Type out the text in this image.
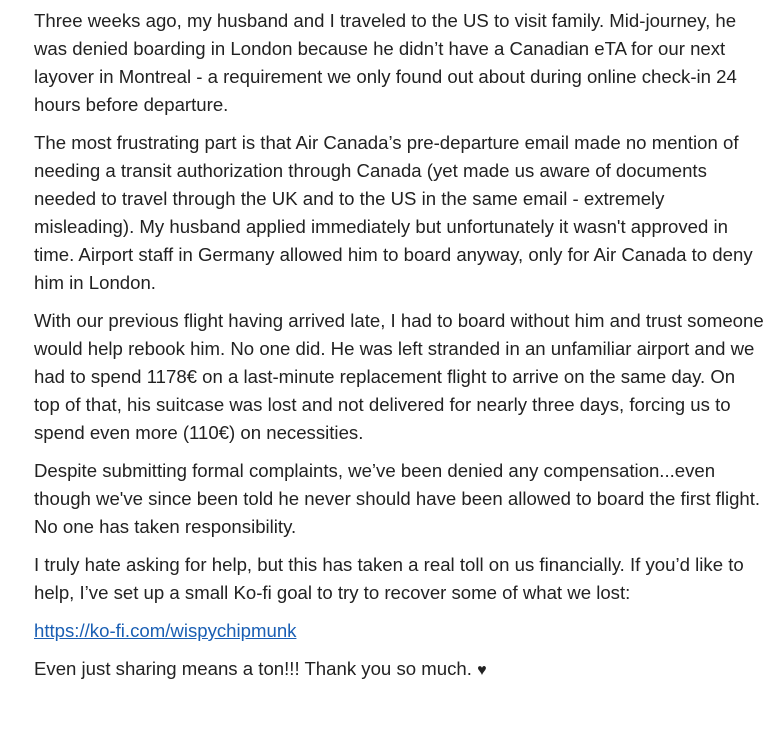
Three weeks ago, my husband and I traveled to the US to visit family. Mid-journey, he was denied boarding in London because he didn’t have a Canadian eTA for our next layover in Montreal - a requirement we only found out about during online check-in 24 hours before departure.

The most frustrating part is that Air Canada’s pre-departure email made no mention of needing a transit authorization through Canada (yet made us aware of documents needed to travel through the UK and to the US in the same email - extremely misleading). My husband applied immediately but unfortunately it wasn't approved in time. Airport staff in Germany allowed him to board anyway, only for Air Canada to deny him in London.

With our previous flight having arrived late, I had to board without him and trust someone would help rebook him. No one did. He was left stranded in an unfamiliar airport and we had to spend 1178€ on a last-minute replacement flight to arrive on the same day. On top of that, his suitcase was lost and not delivered for nearly three days, forcing us to spend even more (110€) on necessities.

Despite submitting formal complaints, we’ve been denied any compensation...even though we've since been told he never should have been allowed to board the first flight. No one has taken responsibility.

I truly hate asking for help, but this has taken a real toll on us financially. If you’d like to help, I’ve set up a small Ko-fi goal to try to recover some of what we lost:

https://ko-fi.com/wispychipmunk

Even just sharing means a ton!!! Thank you so much. ♥
